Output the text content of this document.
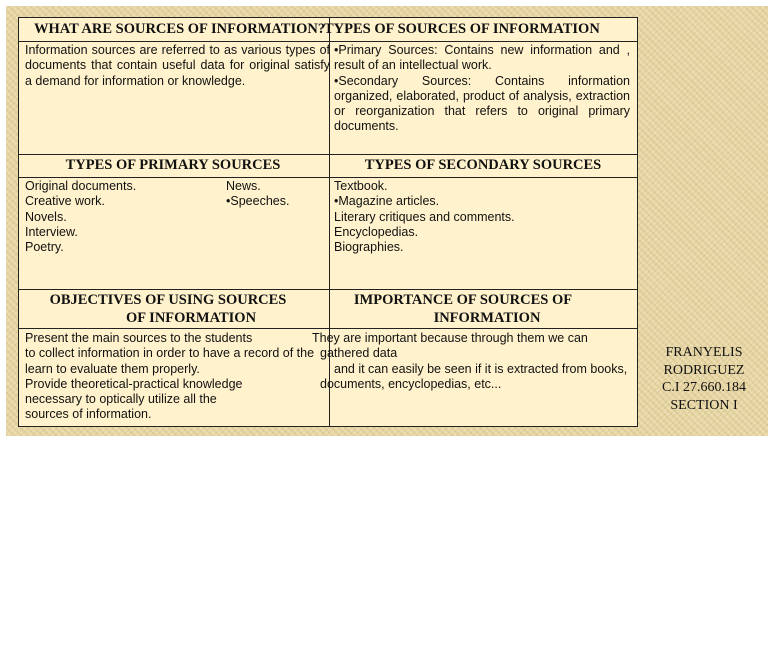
WHAT ARE SOURCES OF INFORMATION?
TYPES OF SOURCES OF INFORMATION
Information sources are referred to as various types of documents that contain useful data for original satisfy a demand for information or knowledge.
•Primary Sources: Contains new information and , result of an intellectual work.
•Secondary Sources: Contains information organized, elaborated, product of analysis, extraction or reorganization that refers to original primary documents.
TYPES OF PRIMARY SOURCES	TYPES OF SECONDARY SOURCES
Original documents.
Creative work.
Novels.
Interview.
Poetry.
News.
•Speeches.
Textbook.
•Magazine articles.
Literary critiques and comments.
Encyclopedias.
Biographies.
OBJECTIVES OF USING SOURCES
OF INFORMATION
IMPORTANCE OF SOURCES OF
INFORMATION
Present the main sources to the students
to collect information in order to have a record of the
learn to evaluate them properly.
Provide theoretical-practical knowledge
necessary to optically utilize all the
sources of information.
They are important because through them we can
gathered data
and it can easily be seen if it is extracted from books,
documents, encyclopedias, etc...
FRANYELIS
RODRIGUEZ
C.I 27.660.184
SECTION I
